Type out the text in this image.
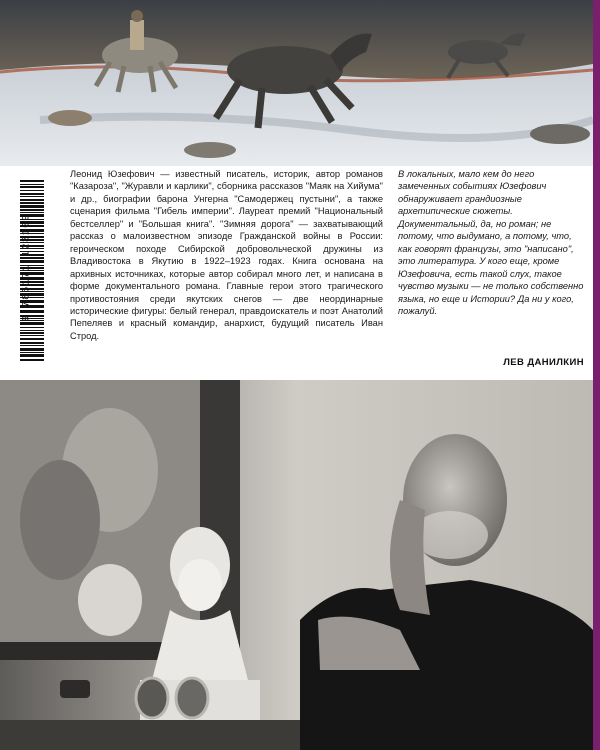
9 785171 123109

Леонид Юзефович — известный писатель, историк, автор романов "Казароза", "Журавли и карлики", сборника рассказов "Маяк на Хийума" и др., биографии барона Унгерна "Самодержец пустыни", а также сценария фильма "Гибель империи". Лауреат премий "Национальный бестселлер" и "Большая книга". "Зимняя дорога" — захватывающий рассказ о малоизвестном эпизоде Гражданской войны в России: героическом походе Сибирской добровольческой дружины из Владивостока в Якутию в 1922–1923 годах. Книга основана на архивных источниках, которые автор собирал много лет, и написана в форме документального романа. Главные герои этого трагического противостояния среди якутских снегов — две неординарные исторические фигуры: белый генерал, правдоискатель и поэт Анатолий Пепеляев и красный командир, анархист, будущий писатель Иван Строд.

В локальных, мало кем до него замеченных событиях Юзефович обнаруживает грандиозные архетипические сюжеты. Документальный, да, но роман; не потому, что выдумано, а потому, что, как говорят французы, это "написано", это литература. У кого еще, кроме Юзефовича, есть такой слух, такое чувство музыки — не только собственно языка, но еще и Истории? Да ни у кого, пожалуй.

ЛЕВ ДАНИЛКИН
